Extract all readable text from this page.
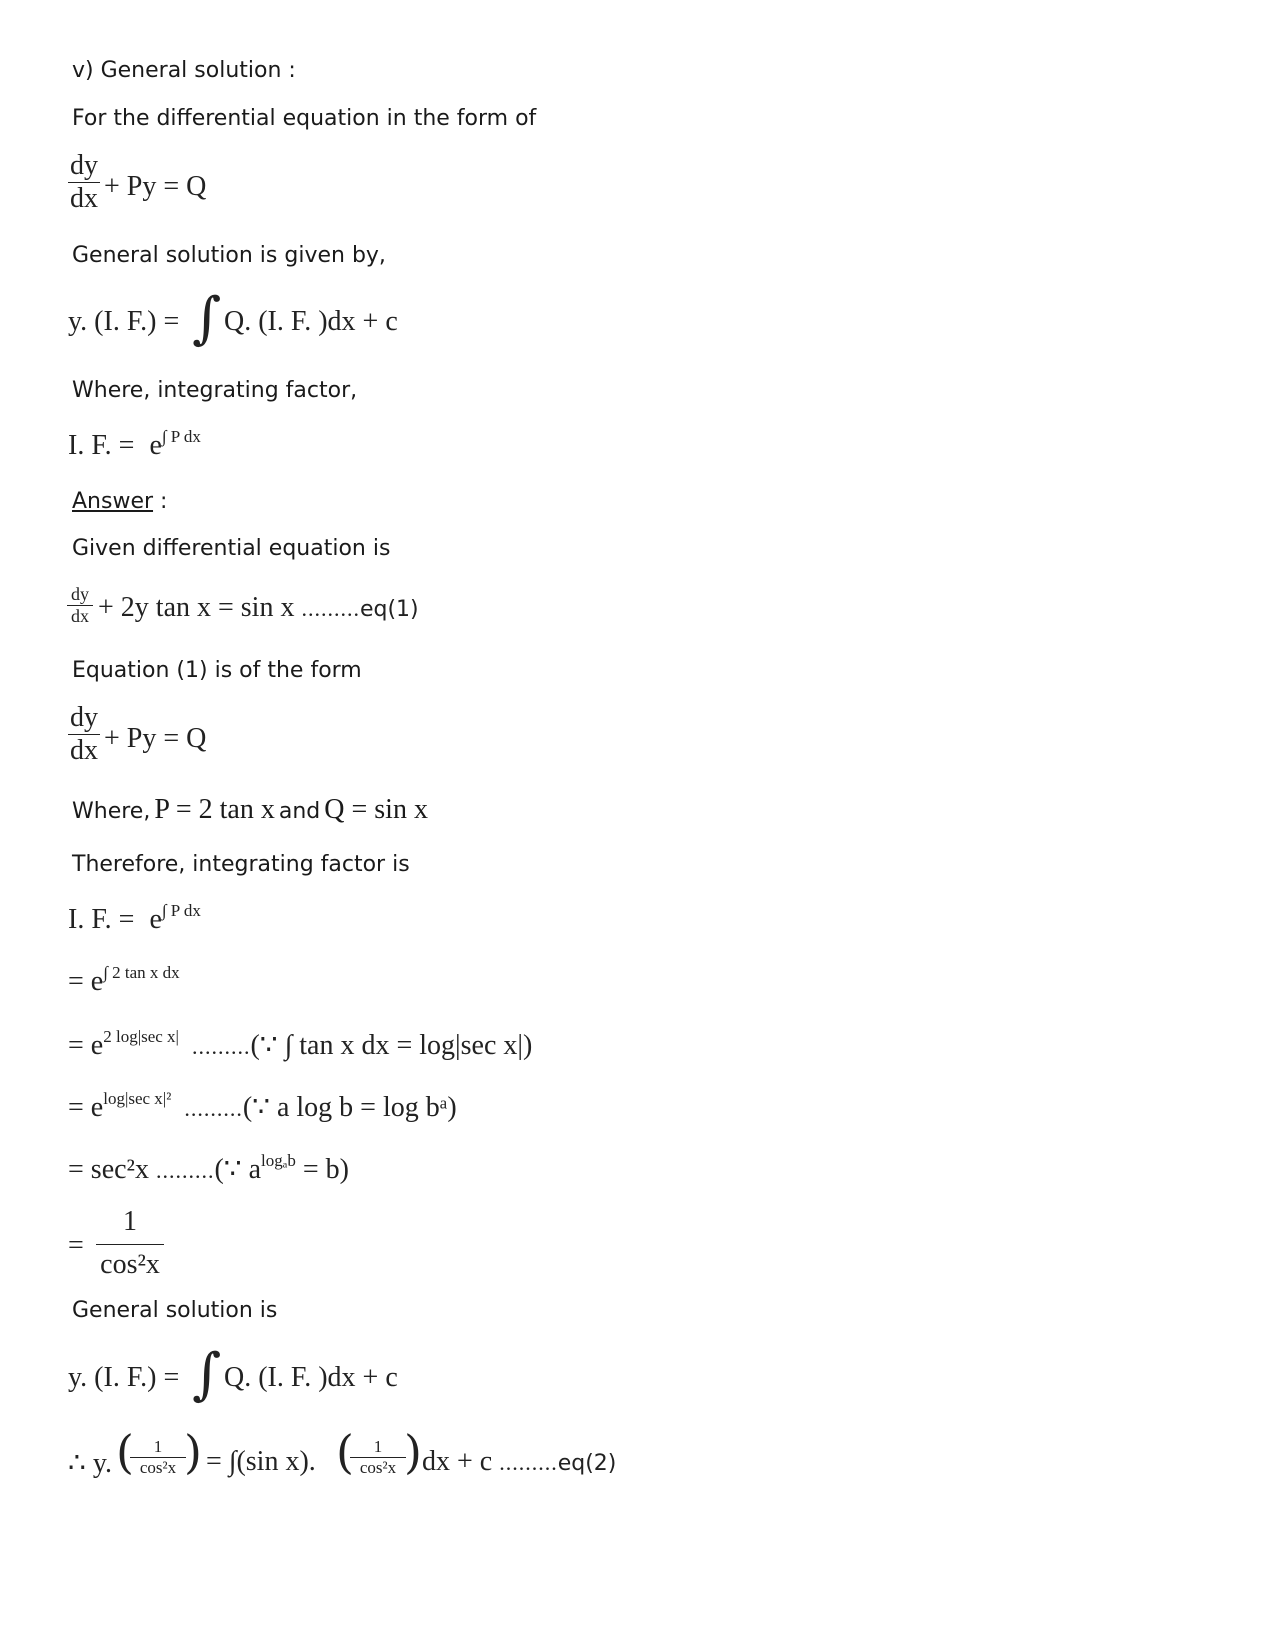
v) General solution :
For the differential equation in the form of
dy
dx + Py = Q
General solution is given by,
y. (I. F.) = ∫ Q. (I. F. )dx + c
Where, integrating factor,
I. F. = $e^{\int P dx}$
Answer :
Given differential equation is
dy
dx + 2y tan x = sin x .........eq(1)
Equation (1) is of the form
dy
dx + Py = Q
Where, P = 2 tan x and Q = sin x
Therefore, integrating factor is
I. F. = $e^{\int P dx}$
= $e^{\int 2 tan x dx}$
= $e^{2 log|sec x|}$ .........(∵ ∫ tan x dx = log|sec x|)
= $e^{log|sec x|^2}$ .........(∵ a log b = log bᵃ)
= sec²x .........(∵ $a^{log_ab} = b$)
=
1
cos²x
General solution is
y. (I. F.) = ∫ Q. (I. F. )dx + c
∴ y. (	1
cos²x ) = ∫(sin x). (	1
cos²x ) dx + c .........eq(2)
